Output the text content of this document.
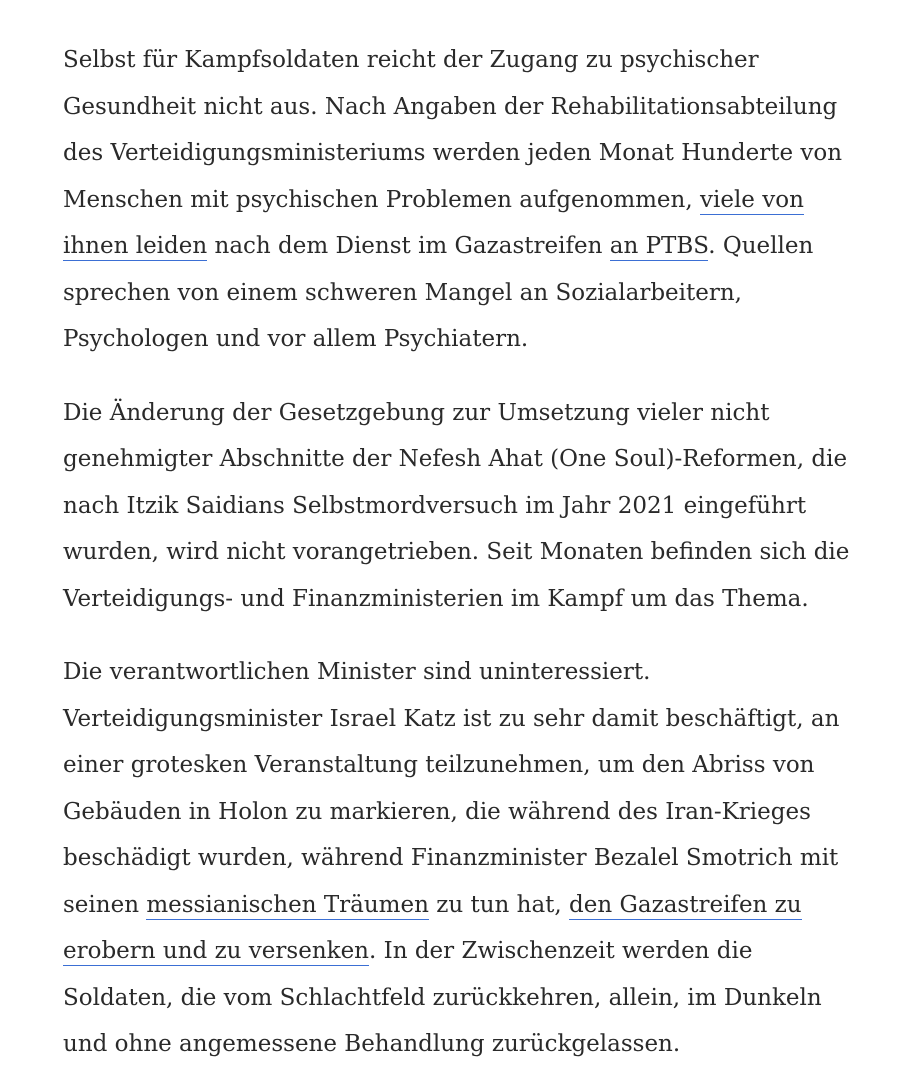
Selbst für Kampfsoldaten reicht der Zugang zu psychischer
Gesundheit nicht aus. Nach Angaben der Rehabilitationsabteilung
des Verteidigungsministeriums werden jeden Monat Hunderte von
Menschen mit psychischen Problemen aufgenommen, viele von
ihnen leiden nach dem Dienst im Gazastreifen an PTBS. Quellen
sprechen von einem schweren Mangel an Sozialarbeitern,
Psychologen und vor allem Psychiatern.

Die Änderung der Gesetzgebung zur Umsetzung vieler nicht
genehmigter Abschnitte der Nefesh Ahat (One Soul)-Reformen, die
nach Itzik Saidians Selbstmordversuch im Jahr 2021 eingeführt
wurden, wird nicht vorangetrieben. Seit Monaten befinden sich die
Verteidigungs- und Finanzministerien im Kampf um das Thema.

Die verantwortlichen Minister sind uninteressiert.
Verteidigungsminister Israel Katz ist zu sehr damit beschäftigt, an
einer grotesken Veranstaltung teilzunehmen, um den Abriss von
Gebäuden in Holon zu markieren, die während des Iran-Krieges
beschädigt wurden, während Finanzminister Bezalel Smotrich mit
seinen messianischen Träumen zu tun hat, den Gazastreifen zu
erobern und zu versenken. In der Zwischenzeit werden die
Soldaten, die vom Schlachtfeld zurückkehren, allein, im Dunkeln
und ohne angemessene Behandlung zurückgelassen.
